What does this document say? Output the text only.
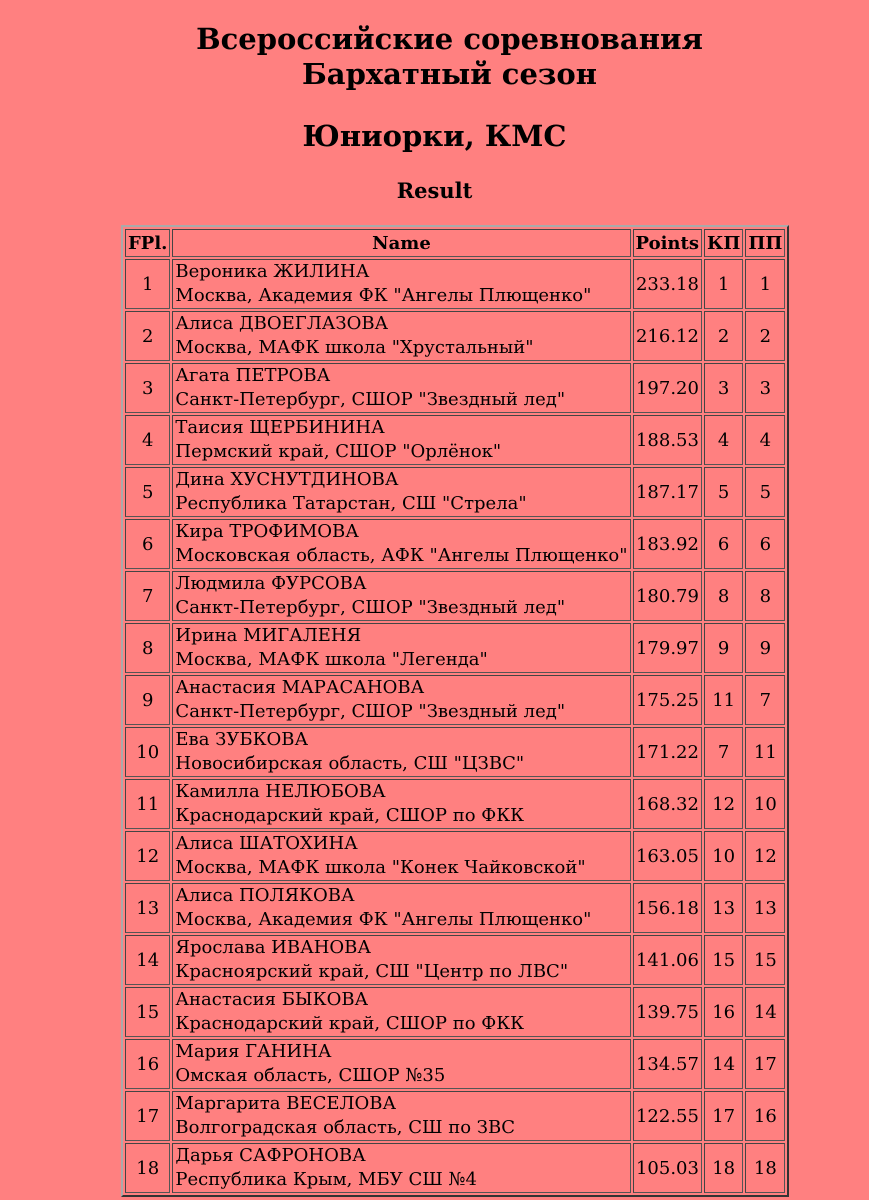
Всероссийские соревнования Бархатный сезон
Юниорки, КМС
Result
FPl.	Name	Points	КП	ПП
1	Вероника ЖИЛИНА
Москва, Академия ФК "Ангелы Плющенко"	233.18	1	1
2	Алиса ДВОЕГЛАЗОВА
Москва, МАФК школа "Хрустальный"	216.12	2	2
3	Агата ПЕТРОВА
Санкт-Петербург, СШОР "Звездный лед"	197.20	3	3
4	Таисия ЩЕРБИНИНА
Пермский край, СШОР "Орлёнок"	188.53	4	4
5	Дина ХУСНУТДИНОВА
Республика Татарстан, СШ "Стрела"	187.17	5	5
6	Кира ТРОФИМОВА
Московская область, АФК "Ангелы Плющенко"	183.92	6	6
7	Людмила ФУРСОВА
Санкт-Петербург, СШОР "Звездный лед"	180.79	8	8
8	Ирина МИГАЛЕНЯ
Москва, МАФК школа "Легенда"	179.97	9	9
9	Анастасия МАРАСАНОВА
Санкт-Петербург, СШОР "Звездный лед"	175.25	11	7
10	Ева ЗУБКОВА
Новосибирская область, СШ "ЦЗВС"	171.22	7	11
11	Камилла НЕЛЮБОВА
Краснодарский край, СШОР по ФКК	168.32	12	10
12	Алиса ШАТОХИНА
Москва, МАФК школа "Конек Чайковской"	163.05	10	12
13	Алиса ПОЛЯКОВА
Москва, Академия ФК "Ангелы Плющенко"	156.18	13	13
14	Ярослава ИВАНОВА
Красноярский край, СШ "Центр по ЛВС"	141.06	15	15
15	Анастасия БЫКОВА
Краснодарский край, СШОР по ФКК	139.75	16	14
16	Мария ГАНИНА
Омская область, СШОР №35	134.57	14	17
17	Маргарита ВЕСЕЛОВА
Волгоградская область, СШ по ЗВС	122.55	17	16
18	Дарья САФРОНОВА
Республика Крым, МБУ СШ №4	105.03	18	18
